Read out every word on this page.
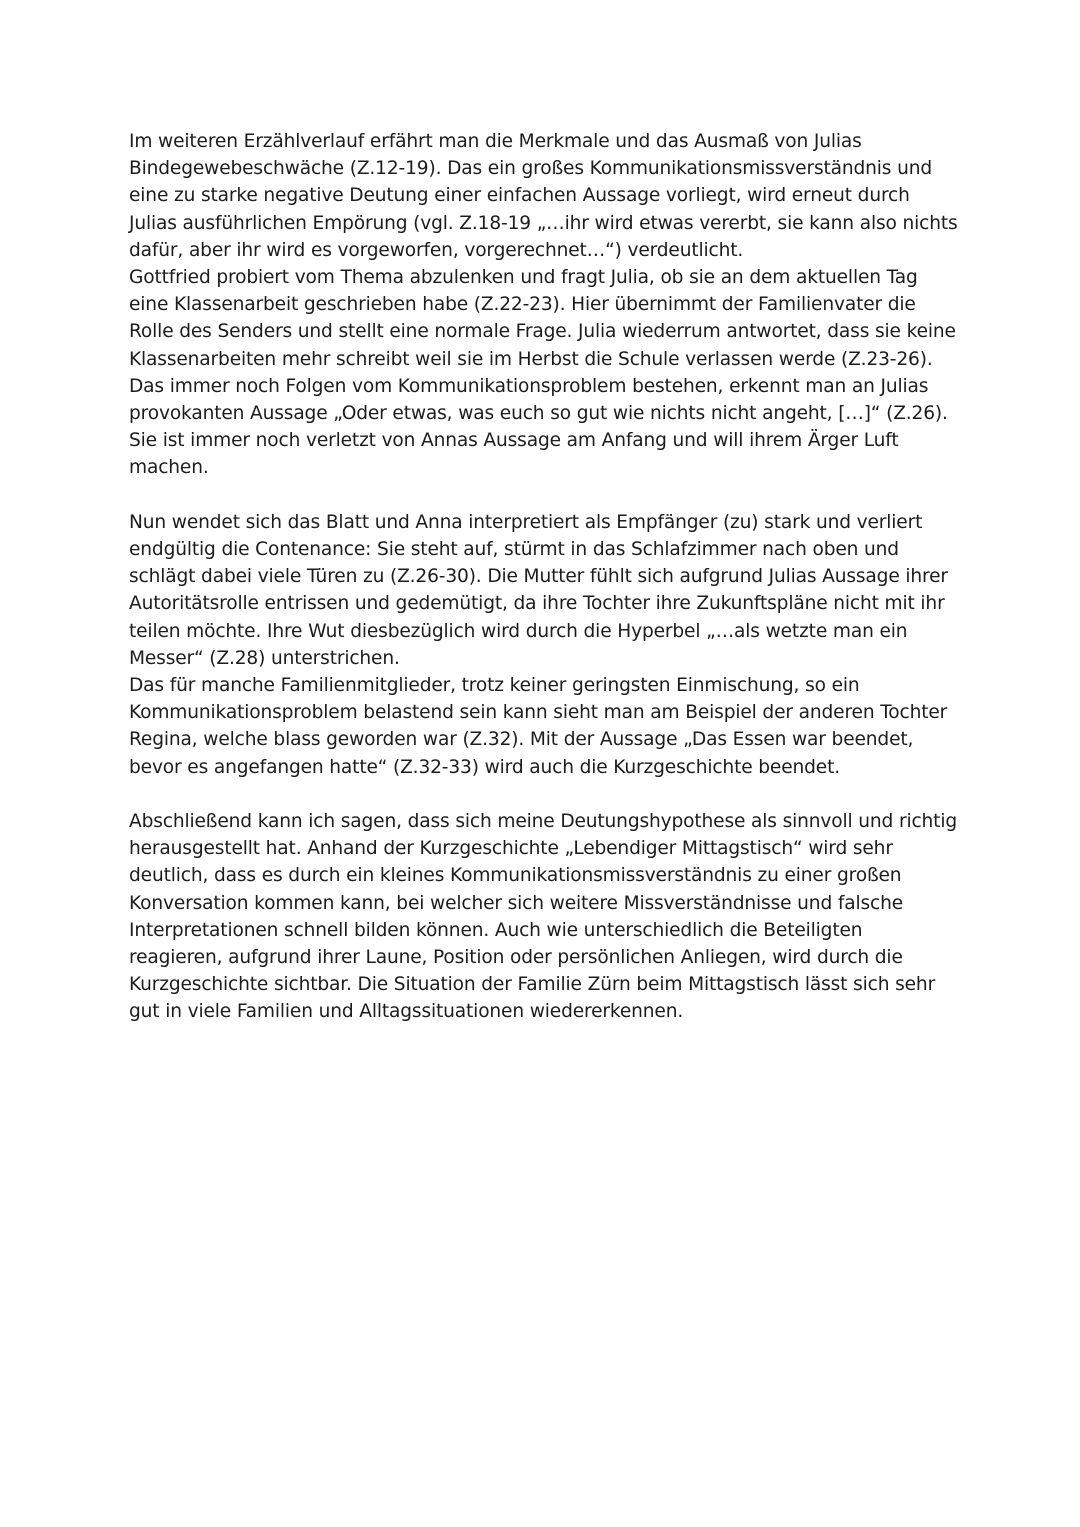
Im weiteren Erzählverlauf erfährt man die Merkmale und das Ausmaß von Julias Bindegewebeschwäche (Z.12-19). Das ein großes Kommunikationsmissverständnis und eine zu starke negative Deutung einer einfachen Aussage vorliegt, wird erneut durch Julias ausführlichen Empörung (vgl. Z.18-19 „…ihr wird etwas vererbt, sie kann also nichts dafür, aber ihr wird es vorgeworfen, vorgerechnet…“) verdeutlicht.

Gottfried probiert vom Thema abzulenken und fragt Julia, ob sie an dem aktuellen Tag eine Klassenarbeit geschrieben habe (Z.22-23). Hier übernimmt der Familienvater die Rolle des Senders und stellt eine normale Frage. Julia wiederrum antwortet, dass sie keine Klassenarbeiten mehr schreibt weil sie im Herbst die Schule verlassen werde (Z.23-26).

Das immer noch Folgen vom Kommunikationsproblem bestehen, erkennt man an Julias provokanten Aussage „Oder etwas, was euch so gut wie nichts nicht angeht, […]“ (Z.26). Sie ist immer noch verletzt von Annas Aussage am Anfang und will ihrem Ärger Luft machen.

Nun wendet sich das Blatt und Anna interpretiert als Empfänger (zu) stark und verliert endgültig die Contenance: Sie steht auf, stürmt in das Schlafzimmer nach oben und schlägt dabei viele Türen zu (Z.26-30). Die Mutter fühlt sich aufgrund Julias Aussage ihrer Autoritätsrolle entrissen und gedemütigt, da ihre Tochter ihre Zukunftspläne nicht mit ihr teilen möchte. Ihre Wut diesbezüglich wird durch die Hyperbel „…als wetzte man ein Messer“ (Z.28) unterstrichen.

Das für manche Familienmitglieder, trotz keiner geringsten Einmischung, so ein Kommunikationsproblem belastend sein kann sieht man am Beispiel der anderen Tochter Regina, welche blass geworden war (Z.32). Mit der Aussage „Das Essen war beendet, bevor es angefangen hatte“ (Z.32-33) wird auch die Kurzgeschichte beendet.

Abschließend kann ich sagen, dass sich meine Deutungshypothese als sinnvoll und richtig herausgestellt hat. Anhand der Kurzgeschichte „Lebendiger Mittagstisch“ wird sehr deutlich, dass es durch ein kleines Kommunikationsmissverständnis zu einer großen Konversation kommen kann, bei welcher sich weitere Missverständnisse und falsche Interpretationen schnell bilden können. Auch wie unterschiedlich die Beteiligten reagieren, aufgrund ihrer Laune, Position oder persönlichen Anliegen, wird durch die Kurzgeschichte sichtbar. Die Situation der Familie Zürn beim Mittagstisch lässt sich sehr gut in viele Familien und Alltagssituationen wiedererkennen.
